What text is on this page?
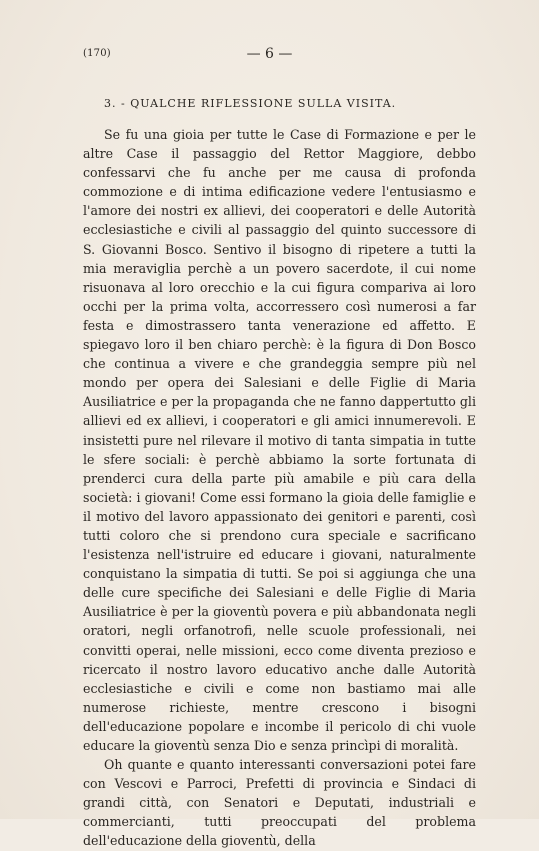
(170)	— 6 —
3. - QUALCHE RIFLESSIONE SULLA VISITA.

Se fu una gioia per tutte le Case di Formazione e per le altre Case il passaggio del Rettor Maggiore, debbo confessarvi che fu anche per me causa di profonda commozione e di intima edificazione vedere l'entusiasmo e l'amore dei nostri ex allievi, dei cooperatori e delle Autorità ecclesiastiche e civili al passaggio del quinto successore di S. Giovanni Bosco. Sentivo il bisogno di ripetere a tutti la mia meraviglia perchè a un povero sacerdote, il cui nome risuonava al loro orecchio e la cui figura compariva ai loro occhi per la prima volta, accorressero così numerosi a far festa e dimostrassero tanta venerazione ed affetto. E spiegavo loro il ben chiaro perchè: è la figura di Don Bosco che continua a vivere e che grandeggia sempre più nel mondo per opera dei Salesiani e delle Figlie di Maria Ausiliatrice e per la propaganda che ne fanno dappertutto gli allievi ed ex allievi, i cooperatori e gli amici innumerevoli. E insistetti pure nel rilevare il motivo di tanta simpatia in tutte le sfere sociali: è perchè abbiamo la sorte fortunata di prenderci cura della parte più amabile e più cara della società: i giovani! Come essi formano la gioia delle famiglie e il motivo del lavoro appassionato dei genitori e parenti, così tutti coloro che si prendono cura speciale e sacrificano l'esistenza nell'istruire ed educare i giovani, naturalmente conquistano la simpatia di tutti. Se poi si aggiunga che una delle cure specifiche dei Salesiani e delle Figlie di Maria Ausiliatrice è per la gioventù povera e più abbandonata negli oratori, negli orfanotrofi, nelle scuole professionali, nei convitti operai, nelle missioni, ecco come diventa prezioso e ricercato il nostro lavoro educativo anche dalle Autorità ecclesiastiche e civili e come non bastiamo mai alle numerose richieste, mentre crescono i bisogni dell'educazione popolare e incombe il pericolo di chi vuole educare la gioventù senza Dio e senza princìpi di moralità.

Oh quante e quanto interessanti conversazioni potei fare con Vescovi e Parroci, Prefetti di provincia e Sindaci di grandi città, con Senatori e Deputati, industriali e commercianti, tutti preoccupati del problema dell'educazione della gioventù, della
